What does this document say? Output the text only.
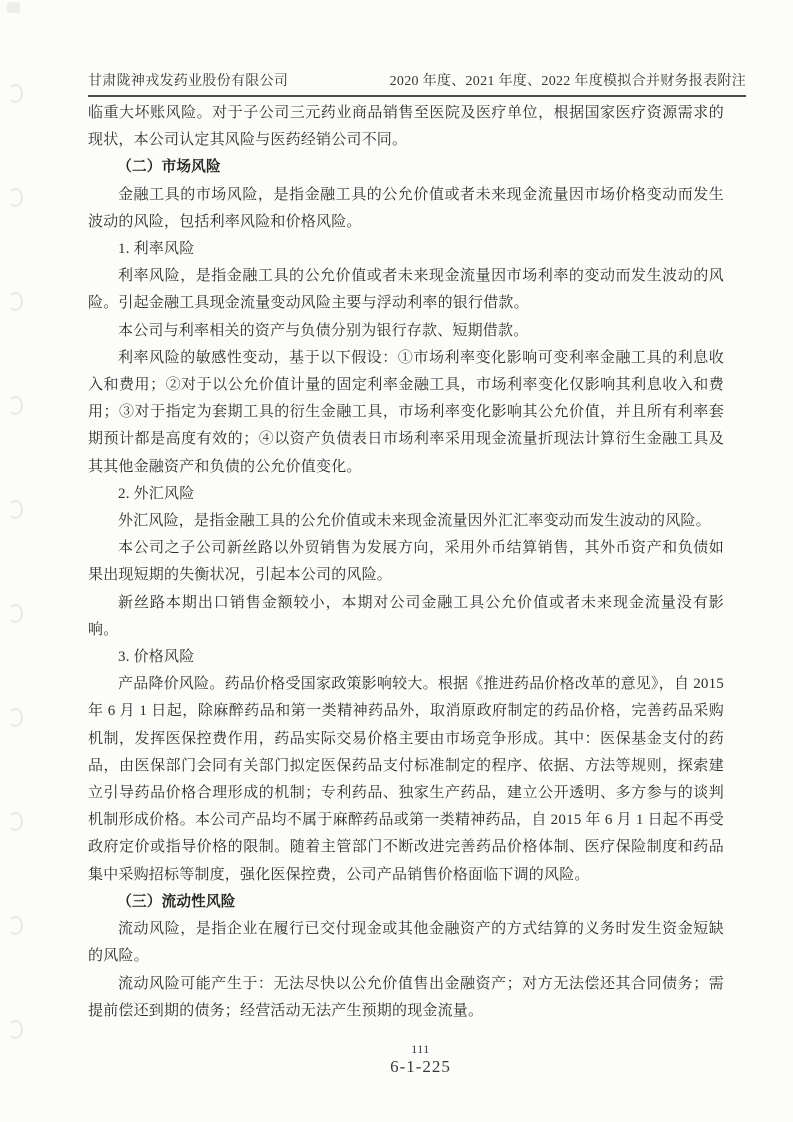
甘肃陇神戎发药业股份有限公司	2020 年度、2021 年度、2022 年度模拟合并财务报表附注

临重大坏账风险。对于子公司三元药业商品销售至医院及医疗单位，根据国家医疗资源需求的现状，本公司认定其风险与医药经销公司不同。

（二）市场风险

金融工具的市场风险，是指金融工具的公允价值或者未来现金流量因市场价格变动而发生波动的风险，包括利率风险和价格风险。

1. 利率风险

利率风险，是指金融工具的公允价值或者未来现金流量因市场利率的变动而发生波动的风险。引起金融工具现金流量变动风险主要与浮动利率的银行借款。

本公司与利率相关的资产与负债分别为银行存款、短期借款。

利率风险的敏感性变动，基于以下假设：①市场利率变化影响可变利率金融工具的利息收入和费用；②对于以公允价值计量的固定利率金融工具，市场利率变化仅影响其利息收入和费用；③对于指定为套期工具的衍生金融工具，市场利率变化影响其公允价值，并且所有利率套期预计都是高度有效的；④以资产负债表日市场利率采用现金流量折现法计算衍生金融工具及其其他金融资产和负债的公允价值变化。

2. 外汇风险

外汇风险，是指金融工具的公允价值或未来现金流量因外汇汇率变动而发生波动的风险。

本公司之子公司新丝路以外贸销售为发展方向，采用外币结算销售，其外币资产和负债如果出现短期的失衡状况，引起本公司的风险。

新丝路本期出口销售金额较小，本期对公司金融工具公允价值或者未来现金流量没有影响。

3. 价格风险

产品降价风险。药品价格受国家政策影响较大。根据《推进药品价格改革的意见》，自 2015 年 6 月 1 日起，除麻醉药品和第一类精神药品外，取消原政府制定的药品价格，完善药品采购机制，发挥医保控费作用，药品实际交易价格主要由市场竞争形成。其中：医保基金支付的药品，由医保部门会同有关部门拟定医保药品支付标准制定的程序、依据、方法等规则，探索建立引导药品价格合理形成的机制；专利药品、独家生产药品，建立公开透明、多方参与的谈判机制形成价格。本公司产品均不属于麻醉药品或第一类精神药品，自 2015 年 6 月 1 日起不再受政府定价或指导价格的限制。随着主管部门不断改进完善药品价格体制、医疗保险制度和药品集中采购招标等制度，强化医保控费，公司产品销售价格面临下调的风险。

（三）流动性风险

流动风险，是指企业在履行已交付现金或其他金融资产的方式结算的义务时发生资金短缺的风险。

流动风险可能产生于：无法尽快以公允价值售出金融资产；对方无法偿还其合同债务；需提前偿还到期的债务；经营活动无法产生预期的现金流量。

111
6-1-225
